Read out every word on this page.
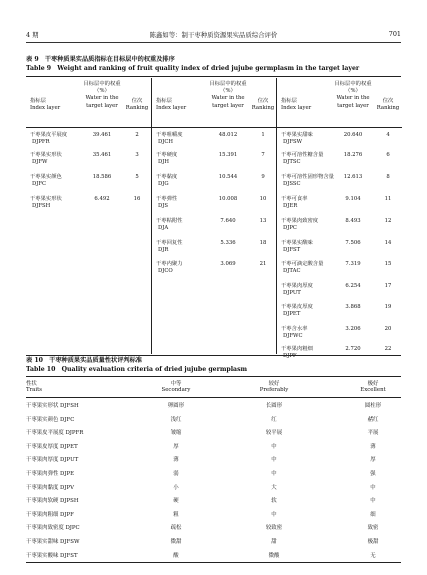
4 期	陈鑫如等：制干枣种质资源果实品质综合评价	701
表 9　干枣种质果实品质指标在目标层中的权重及排序
Table 9　Weight and ranking of fruit quality index of dried jujube germplasm in the target layer
指标层
Index layer
目标层中的权重（%）
Water in the target layer
位次
Ranking
干枣果皮平展度
DJPFR
39.461	2
干枣果实形状
DJFW
35.461	3
干枣果实颜色
DJFC
18.586	5
干枣果实形状
DJFSH
6.492	16
指标层
Index layer
目标层中的权重（%）
Water in the target layer
位次
Ranking
干枣咀嚼度
DJCH
48.012	1
干枣硬度
DJH
15.391	7
干枣黏度
DJG
10.544	9
干枣弹性
DJS
10.008	10
干枣粘附性
DJA
7.640	13
干枣回复性
DJR
5.336	18
干枣内聚力
DJCO
3.069	21
指标层
Index layer
目标层中的权重（%）
Water in the target layer
位次
Ranking
干枣果实甜味
DJFSW
20.640	4
干枣可溶性糖含量
DJTSC
18.276	6
干枣可溶性固形物含量
DJSSC
12.613	8
干枣可食率
DJER
9.104	11
干枣果肉致密度
DJPC
8.493	12
干枣果实酸味
DJFST
7.506	14
干枣可滴定酸含量
DJTAC
7.319	15
干枣果肉厚度
DJPUT
6.254	17
干枣果皮厚度
DJPET
3.868	19
干枣含水率
DJFWC
3.206	20
干枣果肉粗细
DJPF
2.720	22
表 10　干枣种质果实品质量性状评判标准
Table 10　Quality evaluation criteria of dried jujube germplasm
性状
Traits
中等
Secondary
较好
Preferably
极好
Excellent
干枣果实形状 DJFSH	卵圆形	长圆形	圆柱形
干枣果实颜色 DJFC	浅红	红	赭红
干枣果皮平展度 DJPFR	皱缩	较平展	平展
干枣果皮厚度 DJPET	厚	中	薄
干枣果肉厚度 DJPUT	薄	中	厚
干枣果肉弹性 DJPE	弱	中	强
干枣果肉黏度 DJPV	小	大	中
干枣果肉软硬 DJPSH	硬	软	中
干枣果肉粗细 DJPF	粗	中	细
干枣果肉致密度 DJPC	疏松	较致密	致密
干枣果实甜味 DJFSW	微甜	甜	极甜
干枣果实酸味 DJFST	酸	微酸	无
